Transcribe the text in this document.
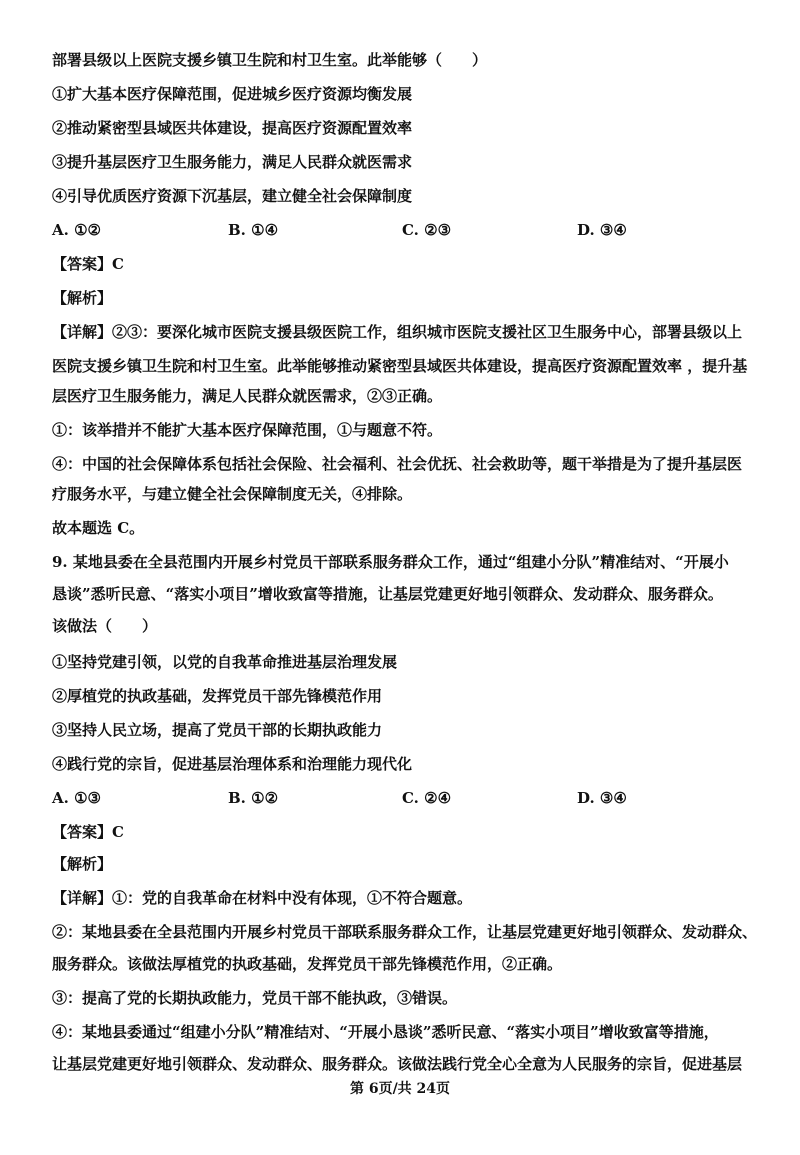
部署县级以上医院支援乡镇卫生院和村卫生室。此举能够（　　）
①扩大基本医疗保障范围，促进城乡医疗资源均衡发展
②推动紧密型县域医共体建设，提高医疗资源配置效率
③提升基层医疗卫生服务能力，满足人民群众就医需求
④引导优质医疗资源下沉基层，建立健全社会保障制度
A. ①②	B. ①④	C. ②③	D. ③④
【答案】C
【解析】
【详解】②③：要深化城市医院支援县级医院工作，组织城市医院支援社区卫生服务中心，部署县级以上
医院支援乡镇卫生院和村卫生室。此举能够推动紧密型县域医共体建设，提高医疗资源配置效率 ，提升基
层医疗卫生服务能力，满足人民群众就医需求，②③正确。
①：该举措并不能扩大基本医疗保障范围，①与题意不符。
④：中国的社会保障体系包括社会保险、社会福利、社会优抚、社会救助等，题干举措是为了提升基层医
疗服务水平，与建立健全社会保障制度无关，④排除。
故本题选 C。
9. 某地县委在全县范围内开展乡村党员干部联系服务群众工作，通过“组建小分队”精准结对、“开展小
恳谈”悉听民意、“落实小项目”增收致富等措施，让基层党建更好地引领群众、发动群众、服务群众。
该做法（　　）
①坚持党建引领，以党的自我革命推进基层治理发展
②厚植党的执政基础，发挥党员干部先锋模范作用
③坚持人民立场，提高了党员干部的长期执政能力
④践行党的宗旨，促进基层治理体系和治理能力现代化
A. ①③	B. ①②	C. ②④	D. ③④
【答案】C
【解析】
【详解】①：党的自我革命在材料中没有体现，①不符合题意。
②：某地县委在全县范围内开展乡村党员干部联系服务群众工作，让基层党建更好地引领群众、发动群众、
服务群众。该做法厚植党的执政基础，发挥党员干部先锋模范作用，②正确。
③：提高了党的长期执政能力，党员干部不能执政，③错误。
④：某地县委通过“组建小分队”精准结对、“开展小恳谈”悉听民意、“落实小项目”增收致富等措施，
让基层党建更好地引领群众、发动群众、服务群众。该做法践行党全心全意为人民服务的宗旨，促进基层
第 6页/共 24页
